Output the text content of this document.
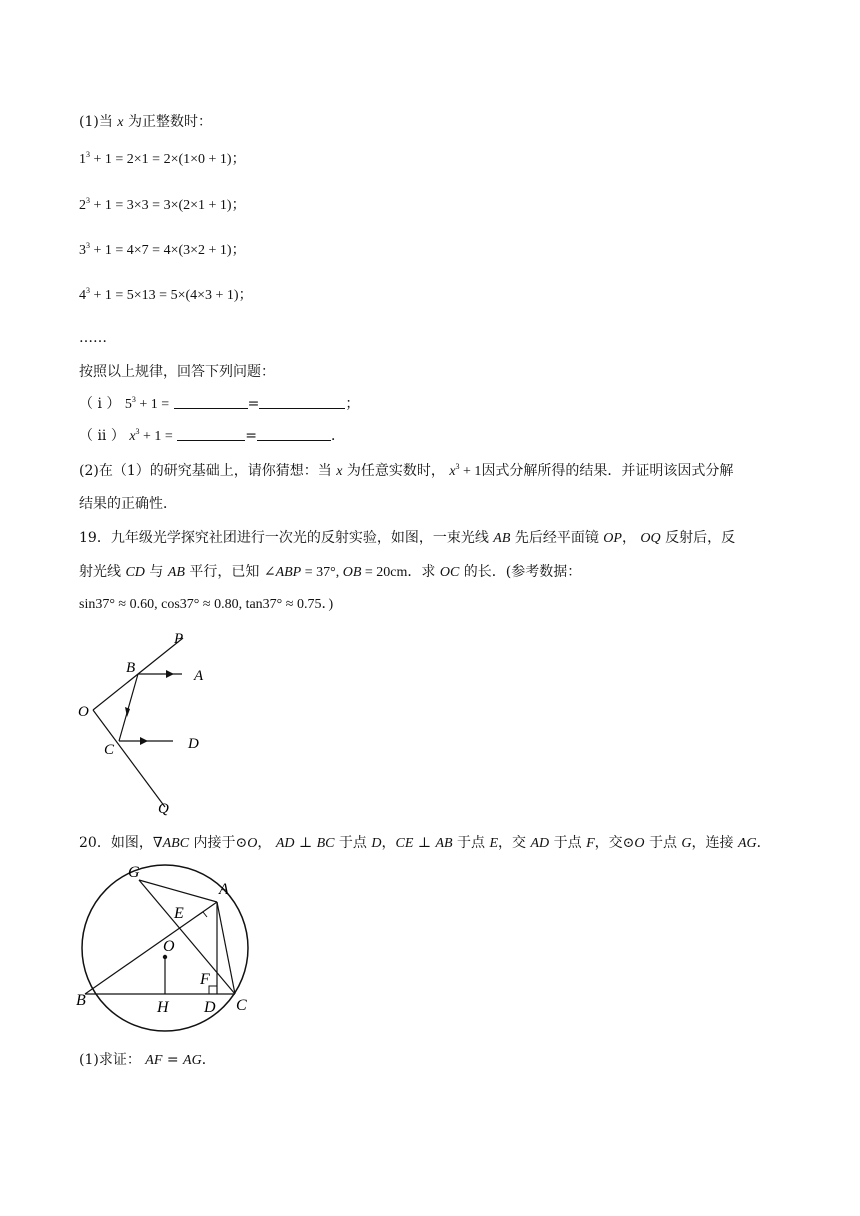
(1)当 x 为正整数时：
$1^3 + 1 = 2\times 1 = 2\times(1\times 0 + 1)$；
$2^3 + 1 = 3\times 3 = 3\times(2\times 1 + 1)$；
$3^3 + 1 = 4\times 7 = 4\times(3\times 2 + 1)$；
$4^3 + 1 = 5\times 13 = 5\times(4\times 3 + 1)$；
……
按照以上规律，回答下列问题：
（ i ） $5^3 + 1$ =	=	；
（ ii ） $x^3 + 1$ =	=	．
(2)在（1）的研究基础上，请你猜想：当 x 为任意实数时， $x^3 + 1$因式分解所得的结果．并证明该因式分解
结果的正确性．
19．九年级光学探究社团进行一次光的反射实验，如图，一束光线 AB 先后经平面镜 OP， OQ 反射后，反
射光线 CD 与 AB 平行，已知 ∠ABP = 37°, OB = 20cm．求 OC 的长．(参考数据：
sin37° ≈ 0.60, cos37° ≈ 0.80, tan37° ≈ 0.75．)
P
B	A
O
C	D
Q
20．如图，∇ABC 内接于⊙O， AD ⊥ BC 于点 D，CE ⊥ AB 于点 E，交 AD 于点 F，交⊙O 于点 G，连接 AG．
G
A
E
O
F
B	H D C
(1)求证： AF = AG．
